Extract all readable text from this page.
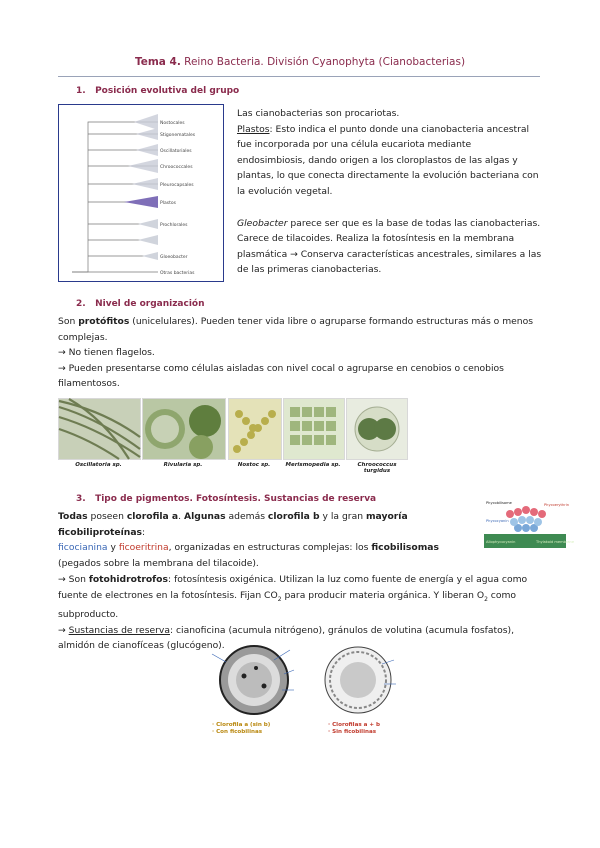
Tema 4. Reino Bacteria. División Cyanophyta (Cianobacterias)
1.   Posición evolutiva del grupo
Nostocales
Stigonematales
Oscillatoriales
Chroococcales
Pleurocapsales
Plastos
Prochlorales
Gloeobacter
Otras bacterias
Las cianobacterias son procariotas.
Plastos: Esto indica el punto donde una cianobacteria ancestral fue incorporada por una célula eucariota mediante endosimbiosis, dando origen a los cloroplastos de las algas y plantas, lo que conecta directamente la evolución bacteriana con la evolución vegetal.
Gleobacter parece ser que es la base de todas las cianobacterias. Carece de tilacoides. Realiza la fotosíntesis en la membrana plasmática → Conserva características ancestrales, similares a las de las primeras cianobacterias.
2.   Nivel de organización
Son protófitos (unicelulares). Pueden tener vida libre o agruparse formando estructuras más o menos complejas.
→ No tienen flagelos.
→ Pueden presentarse como células aisladas con nivel cocal o agruparse en cenobios o cenobios filamentosos.
Oscillatoria sp.	Rivularia sp.	Nostoc sp.	Merismopedia sp.	Chroococcus turgidus
3.   Tipo de pigmentos. Fotosíntesis. Sustancias de reserva
Todas poseen clorofila a. Algunas además clorofila b y la gran mayoría ficobiliproteínas:
ficocianina y ficoeritrina, organizadas en estructuras complejas: los ficobilisomas (pegados sobre la membrana del tilacoide).
Phycobilisome	Phycoerythrin
Phycocyanin
Allophycocyanin	Thylakoid membrane
→ Son fotohidrotrofos: fotosíntesis oxigénica. Utilizan la luz como fuente de energía y el agua como fuente de electrones en la fotosíntesis. Fijan $CO_2$ para producir materia orgánica. Y liberan $O_2$ como subproducto.
→ Sustancias de reserva: cianoficina (acumula nitrógeno), gránulos de volutina (acumula fosfatos), almidón de cianofíceas (glucógeno).
· Clorofila a (sin b)
· Con ficobilinas
· Clorofilas a + b
· Sin ficobilinas
